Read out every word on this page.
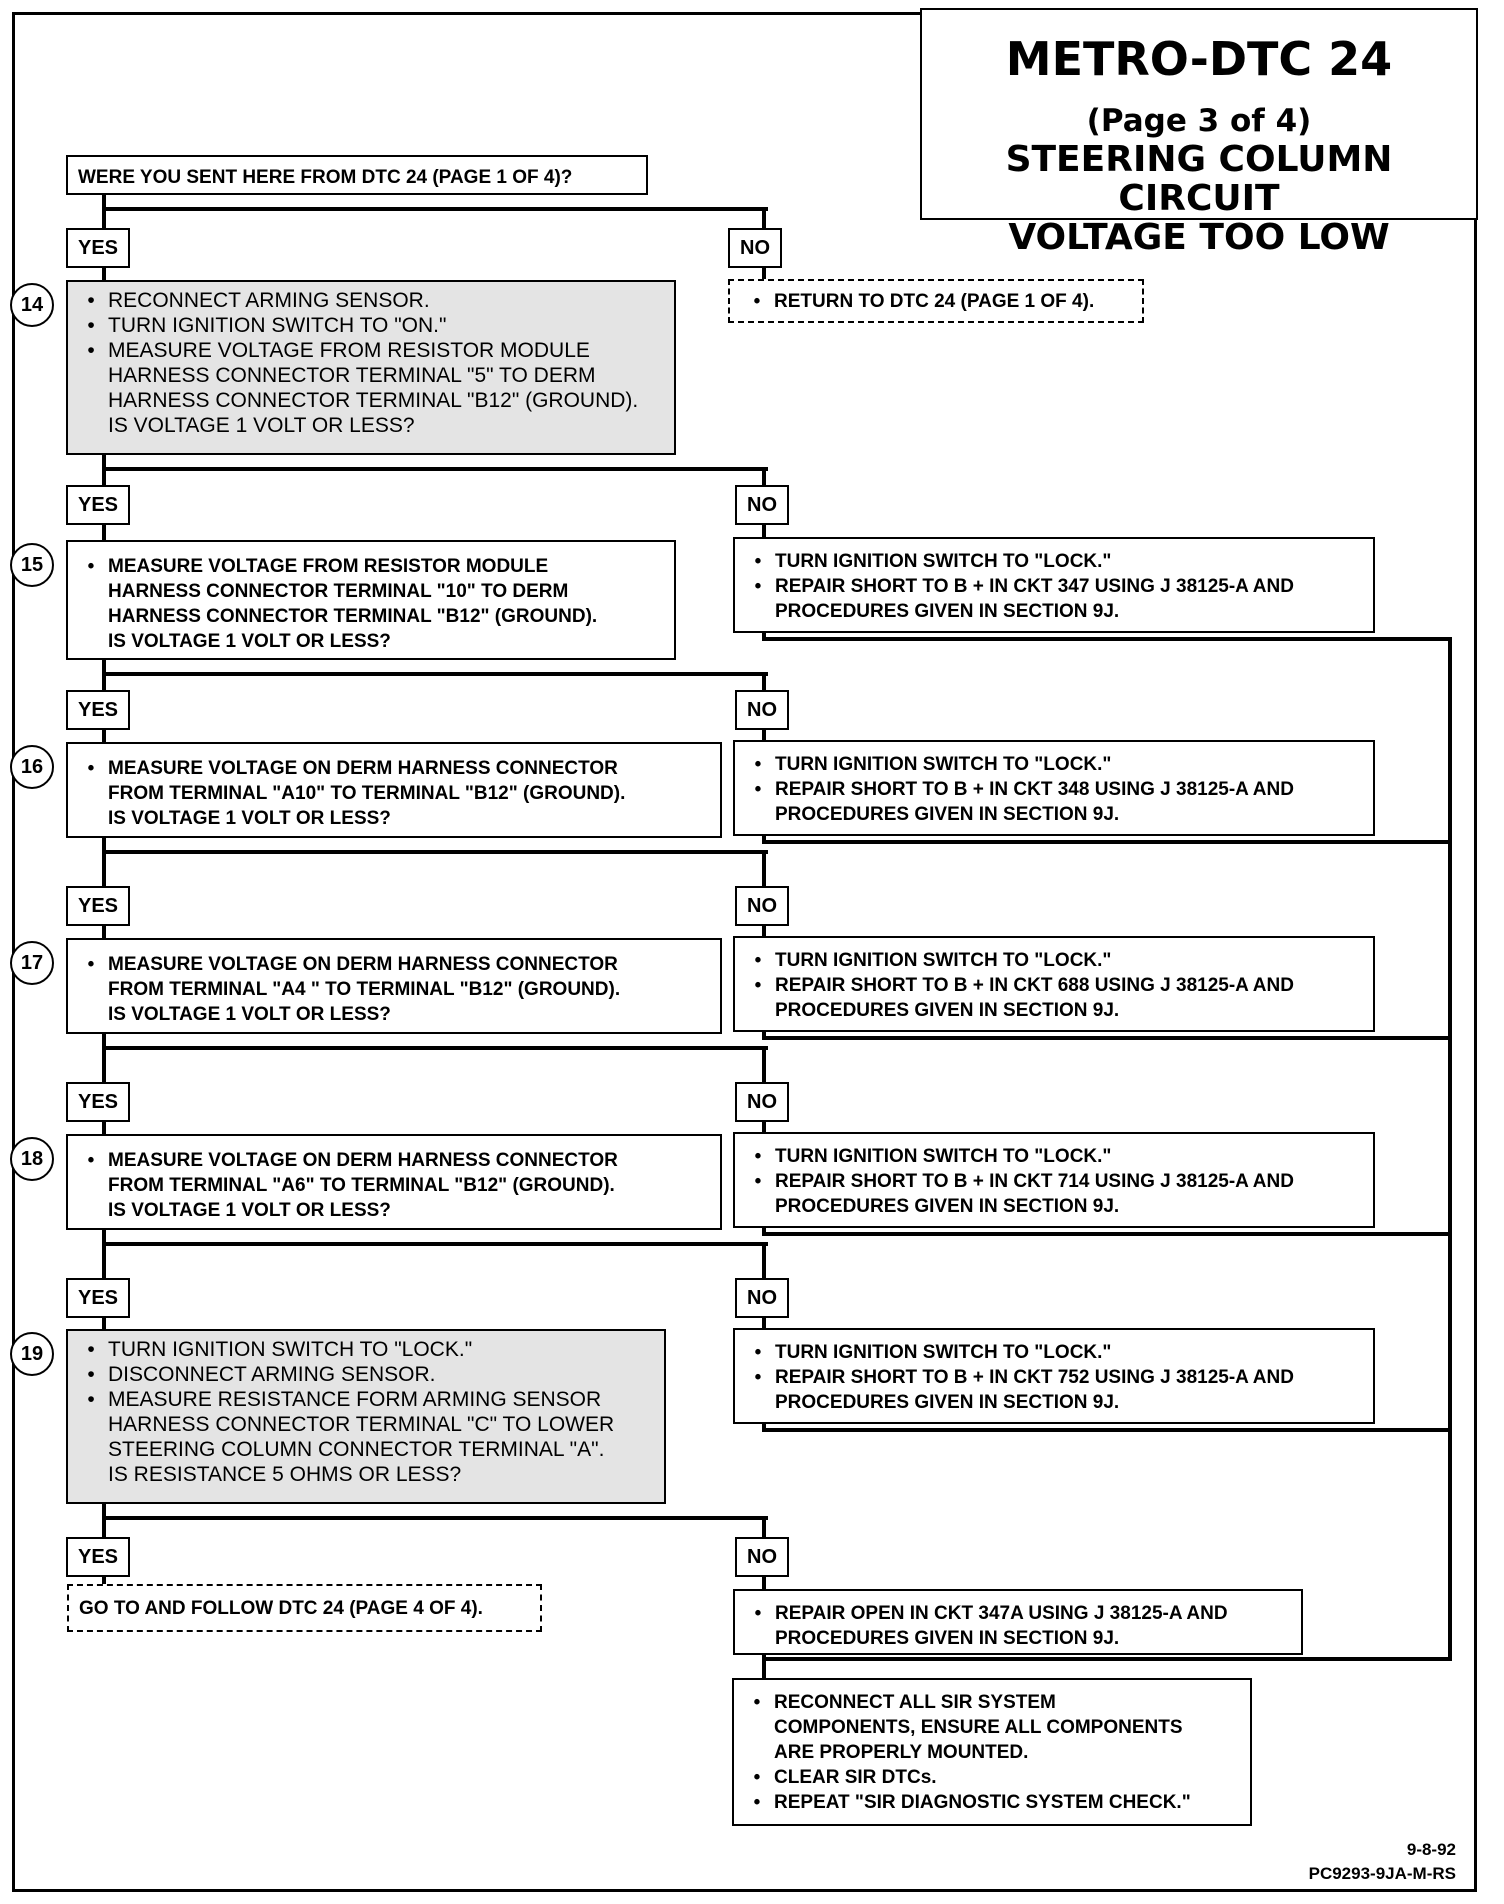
METRO-DTC 24
(Page 3 of 4)
STEERING COLUMN CIRCUIT
VOLTAGE TOO LOW
WERE YOU SENT HERE FROM DTC 24 (PAGE 1 OF 4)?
• RETURN TO DTC 24 (PAGE 1 OF 4).
YES
YES
YES
YES
YES
YES
YES
NO
NO
NO
NO
NO
NO
NO
• RECONNECT ARMING SENSOR.
• TURN IGNITION SWITCH TO "ON."
• MEASURE VOLTAGE FROM RESISTOR MODULE
HARNESS CONNECTOR TERMINAL "5" TO DERM
HARNESS CONNECTOR TERMINAL "B12" (GROUND).
IS VOLTAGE 1 VOLT OR LESS?
14
• MEASURE VOLTAGE FROM RESISTOR MODULE
HARNESS CONNECTOR TERMINAL "10" TO DERM
HARNESS CONNECTOR TERMINAL "B12" (GROUND).
IS VOLTAGE 1 VOLT OR LESS?
15
• MEASURE VOLTAGE ON DERM HARNESS CONNECTOR
FROM TERMINAL "A10" TO TERMINAL "B12" (GROUND).
IS VOLTAGE 1 VOLT OR LESS?
16
• MEASURE VOLTAGE ON DERM HARNESS CONNECTOR
FROM TERMINAL "A4 " TO TERMINAL "B12" (GROUND).
IS VOLTAGE 1 VOLT OR LESS?
17
• MEASURE VOLTAGE ON DERM HARNESS CONNECTOR
FROM TERMINAL "A6" TO TERMINAL "B12" (GROUND).
IS VOLTAGE 1 VOLT OR LESS?
18
• TURN IGNITION SWITCH TO "LOCK."
• DISCONNECT ARMING SENSOR.
• MEASURE RESISTANCE FORM ARMING SENSOR
HARNESS CONNECTOR TERMINAL "C" TO LOWER
STEERING COLUMN CONNECTOR TERMINAL "A".
IS RESISTANCE 5 OHMS OR LESS?
19
• TURN IGNITION SWITCH TO "LOCK."
• REPAIR SHORT TO B + IN CKT 347 USING J 38125-A AND
PROCEDURES GIVEN IN SECTION 9J.
• TURN IGNITION SWITCH TO "LOCK."
• REPAIR SHORT TO B + IN CKT 348 USING J 38125-A AND
PROCEDURES GIVEN IN SECTION 9J.
• TURN IGNITION SWITCH TO "LOCK."
• REPAIR SHORT TO B + IN CKT 688 USING J 38125-A AND
PROCEDURES GIVEN IN SECTION 9J.
• TURN IGNITION SWITCH TO "LOCK."
• REPAIR SHORT TO B + IN CKT 714 USING J 38125-A AND
PROCEDURES GIVEN IN SECTION 9J.
• TURN IGNITION SWITCH TO "LOCK."
• REPAIR SHORT TO B + IN CKT 752 USING J 38125-A AND
PROCEDURES GIVEN IN SECTION 9J.
• REPAIR OPEN IN CKT 347A USING J 38125-A AND
PROCEDURES GIVEN IN SECTION 9J.
GO TO AND FOLLOW DTC 24 (PAGE 4 OF 4).
• RECONNECT ALL SIR SYSTEM
COMPONENTS, ENSURE ALL COMPONENTS
ARE PROPERLY MOUNTED.
• CLEAR SIR DTCs.
• REPEAT "SIR DIAGNOSTIC SYSTEM CHECK."
9-8-92
PC9293-9JA-M-RS
